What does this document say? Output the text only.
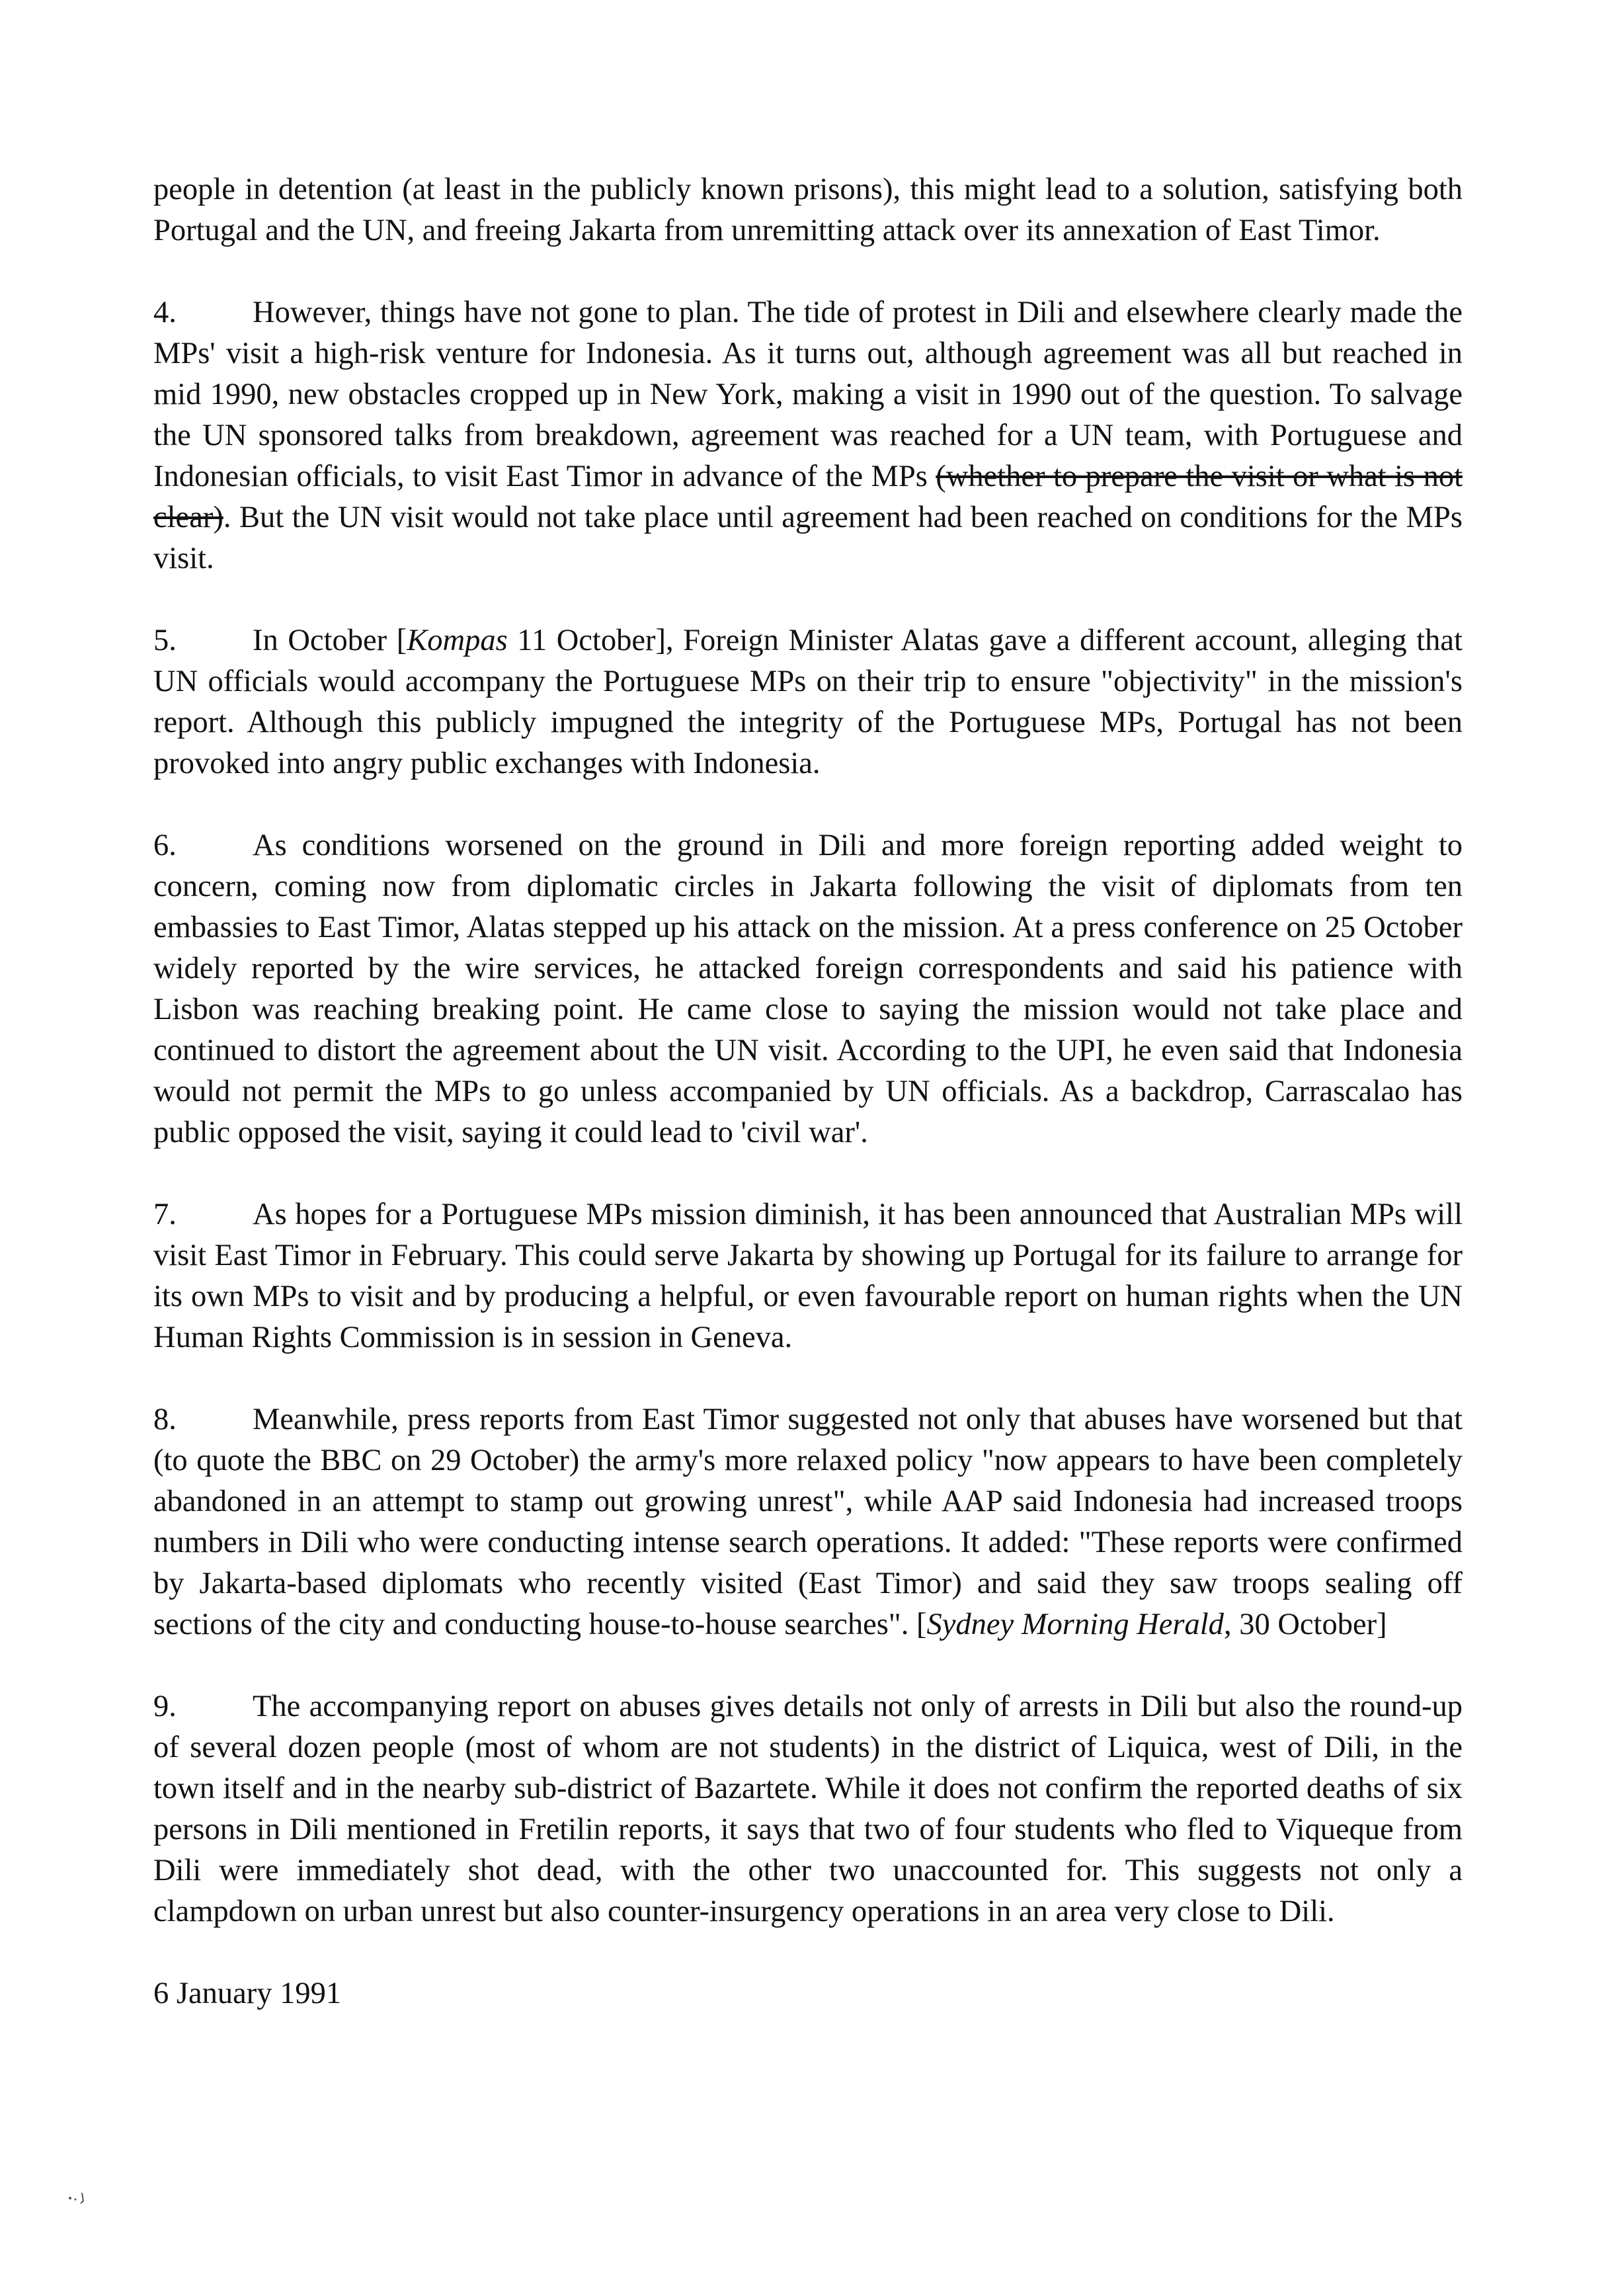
people in detention (at least in the publicly known prisons), this might lead to a solution, satisfying both Portugal and the UN, and freeing Jakarta from unremitting attack over its annexation of East Timor.

4. However, things have not gone to plan. The tide of protest in Dili and elsewhere clearly made the MPs' visit a high-risk venture for Indonesia. As it turns out, although agreement was all but reached in mid 1990, new obstacles cropped up in New York, making a visit in 1990 out of the question. To salvage the UN sponsored talks from breakdown, agreement was reached for a UN team, with Portuguese and Indonesian officials, to visit East Timor in advance of the MPs (whether to prepare the visit or what is not clear). But the UN visit would not take place until agreement had been reached on conditions for the MPs visit.

5. In October [Kompas 11 October], Foreign Minister Alatas gave a different account, alleging that UN officials would accompany the Portuguese MPs on their trip to ensure "objectivity" in the mission's report. Although this publicly impugned the integrity of the Portuguese MPs, Portugal has not been provoked into angry public exchanges with Indonesia.

6. As conditions worsened on the ground in Dili and more foreign reporting added weight to concern, coming now from diplomatic circles in Jakarta following the visit of diplomats from ten embassies to East Timor, Alatas stepped up his attack on the mission. At a press conference on 25 October widely reported by the wire services, he attacked foreign correspondents and said his patience with Lisbon was reaching breaking point. He came close to saying the mission would not take place and continued to distort the agreement about the UN visit. According to the UPI, he even said that Indonesia would not permit the MPs to go unless accompanied by UN officials. As a backdrop, Carrascalao has public opposed the visit, saying it could lead to 'civil war'.

7. As hopes for a Portuguese MPs mission diminish, it has been announced that Australian MPs will visit East Timor in February. This could serve Jakarta by showing up Portugal for its failure to arrange for its own MPs to visit and by producing a helpful, or even favourable report on human rights when the UN Human Rights Commission is in session in Geneva.

8. Meanwhile, press reports from East Timor suggested not only that abuses have worsened but that (to quote the BBC on 29 October) the army's more relaxed policy "now appears to have been completely abandoned in an attempt to stamp out growing unrest", while AAP said Indonesia had increased troops numbers in Dili who were conducting intense search operations. It added: "These reports were confirmed by Jakarta-based diplomats who recently visited (East Timor) and said they saw troops sealing off sections of the city and conducting house-to-house searches". [Sydney Morning Herald, 30 October]

9. The accompanying report on abuses gives details not only of arrests in Dili but also the round-up of several dozen people (most of whom are not students) in the district of Liquica, west of Dili, in the town itself and in the nearby sub-district of Bazartete. While it does not confirm the reported deaths of six persons in Dili mentioned in Fretilin reports, it says that two of four students who fled to Viqueque from Dili were immediately shot dead, with the other two unaccounted for. This suggests not only a clampdown on urban unrest but also counter-insurgency operations in an area very close to Dili.

6 January 1991
